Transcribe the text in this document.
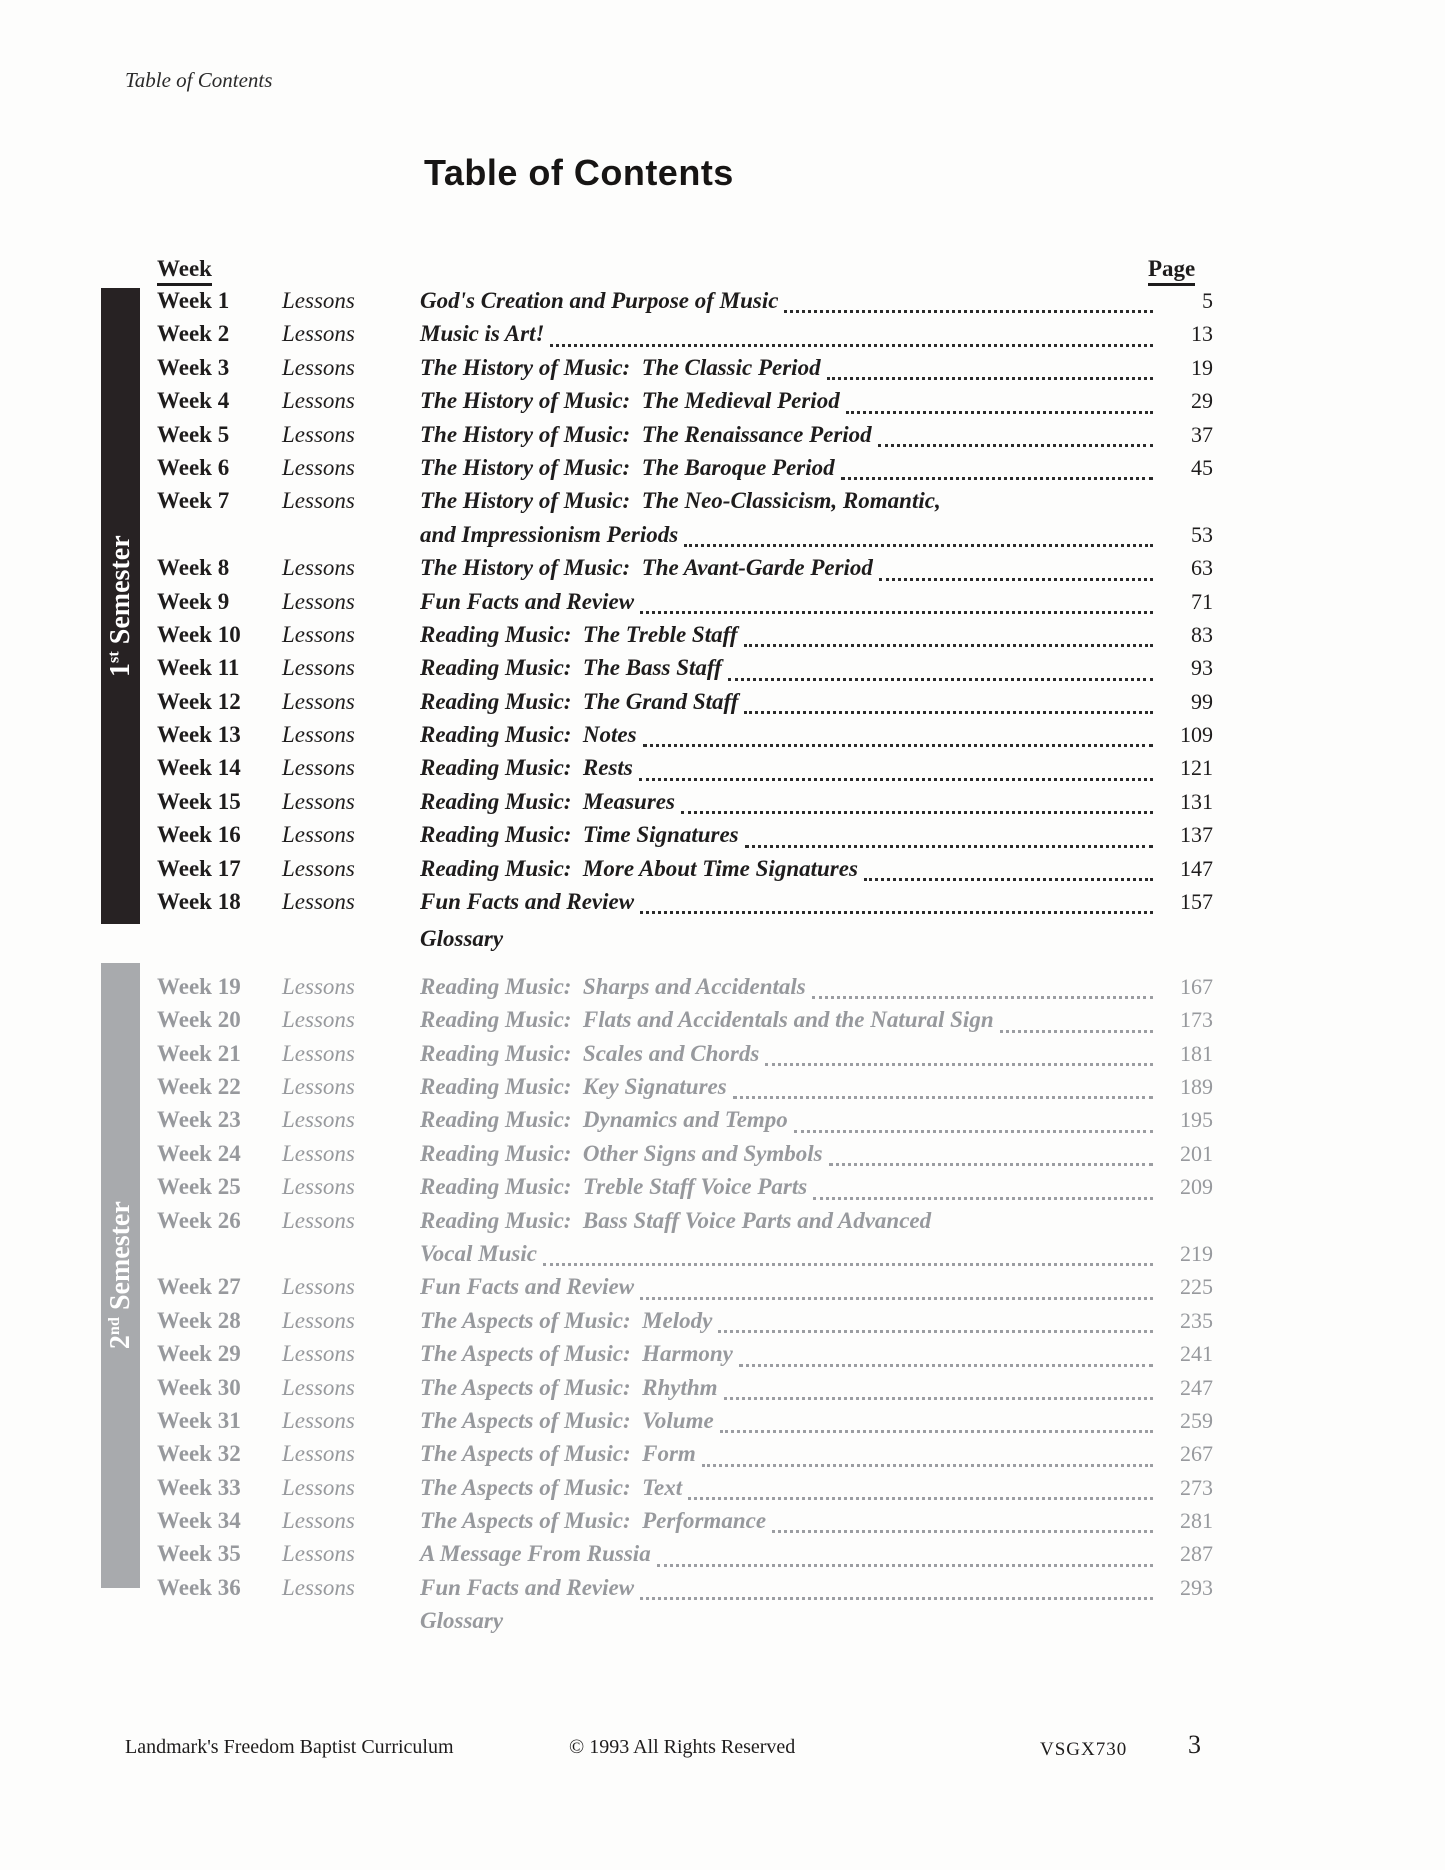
Table of Contents
Table of Contents
Week	Page
1st Semester
2nd Semester
Week 1	Lessons	God's Creation and Purpose of Music	5
Week 2	Lessons	Music is Art!	13
Week 3	Lessons	The History of Music:  The Classic Period	19
Week 4	Lessons	The History of Music:  The Medieval Period	29
Week 5	Lessons	The History of Music:  The Renaissance Period	37
Week 6	Lessons	The History of Music:  The Baroque Period	45
Week 7	Lessons	The History of Music:  The Neo-Classicism, Romantic,
and Impressionism Periods	53
Week 8	Lessons	The History of Music:  The Avant-Garde Period	63
Week 9	Lessons	Fun Facts and Review	71
Week 10	Lessons	Reading Music:  The Treble Staff	83
Week 11	Lessons	Reading Music:  The Bass Staff	93
Week 12	Lessons	Reading Music:  The Grand Staff	99
Week 13	Lessons	Reading Music:  Notes	109
Week 14	Lessons	Reading Music:  Rests	121
Week 15	Lessons	Reading Music:  Measures	131
Week 16	Lessons	Reading Music:  Time Signatures	137
Week 17	Lessons	Reading Music:  More About Time Signatures	147
Week 18	Lessons	Fun Facts and Review	157
Glossary
Week 19	Lessons	Reading Music:  Sharps and Accidentals	167
Week 20	Lessons	Reading Music:  Flats and Accidentals and the Natural Sign	173
Week 21	Lessons	Reading Music:  Scales and Chords	181
Week 22	Lessons	Reading Music:  Key Signatures	189
Week 23	Lessons	Reading Music:  Dynamics and Tempo	195
Week 24	Lessons	Reading Music:  Other Signs and Symbols	201
Week 25	Lessons	Reading Music:  Treble Staff Voice Parts	209
Week 26	Lessons	Reading Music:  Bass Staff Voice Parts and Advanced
Vocal Music	219
Week 27	Lessons	Fun Facts and Review	225
Week 28	Lessons	The Aspects of Music:  Melody	235
Week 29	Lessons	The Aspects of Music:  Harmony	241
Week 30	Lessons	The Aspects of Music:  Rhythm	247
Week 31	Lessons	The Aspects of Music:  Volume	259
Week 32	Lessons	The Aspects of Music:  Form	267
Week 33	Lessons	The Aspects of Music:  Text	273
Week 34	Lessons	The Aspects of Music:  Performance	281
Week 35	Lessons	A Message From Russia	287
Week 36	Lessons	Fun Facts and Review	293
Glossary
Landmark's Freedom Baptist Curriculum	© 1993 All Rights Reserved	VSGX730 3
